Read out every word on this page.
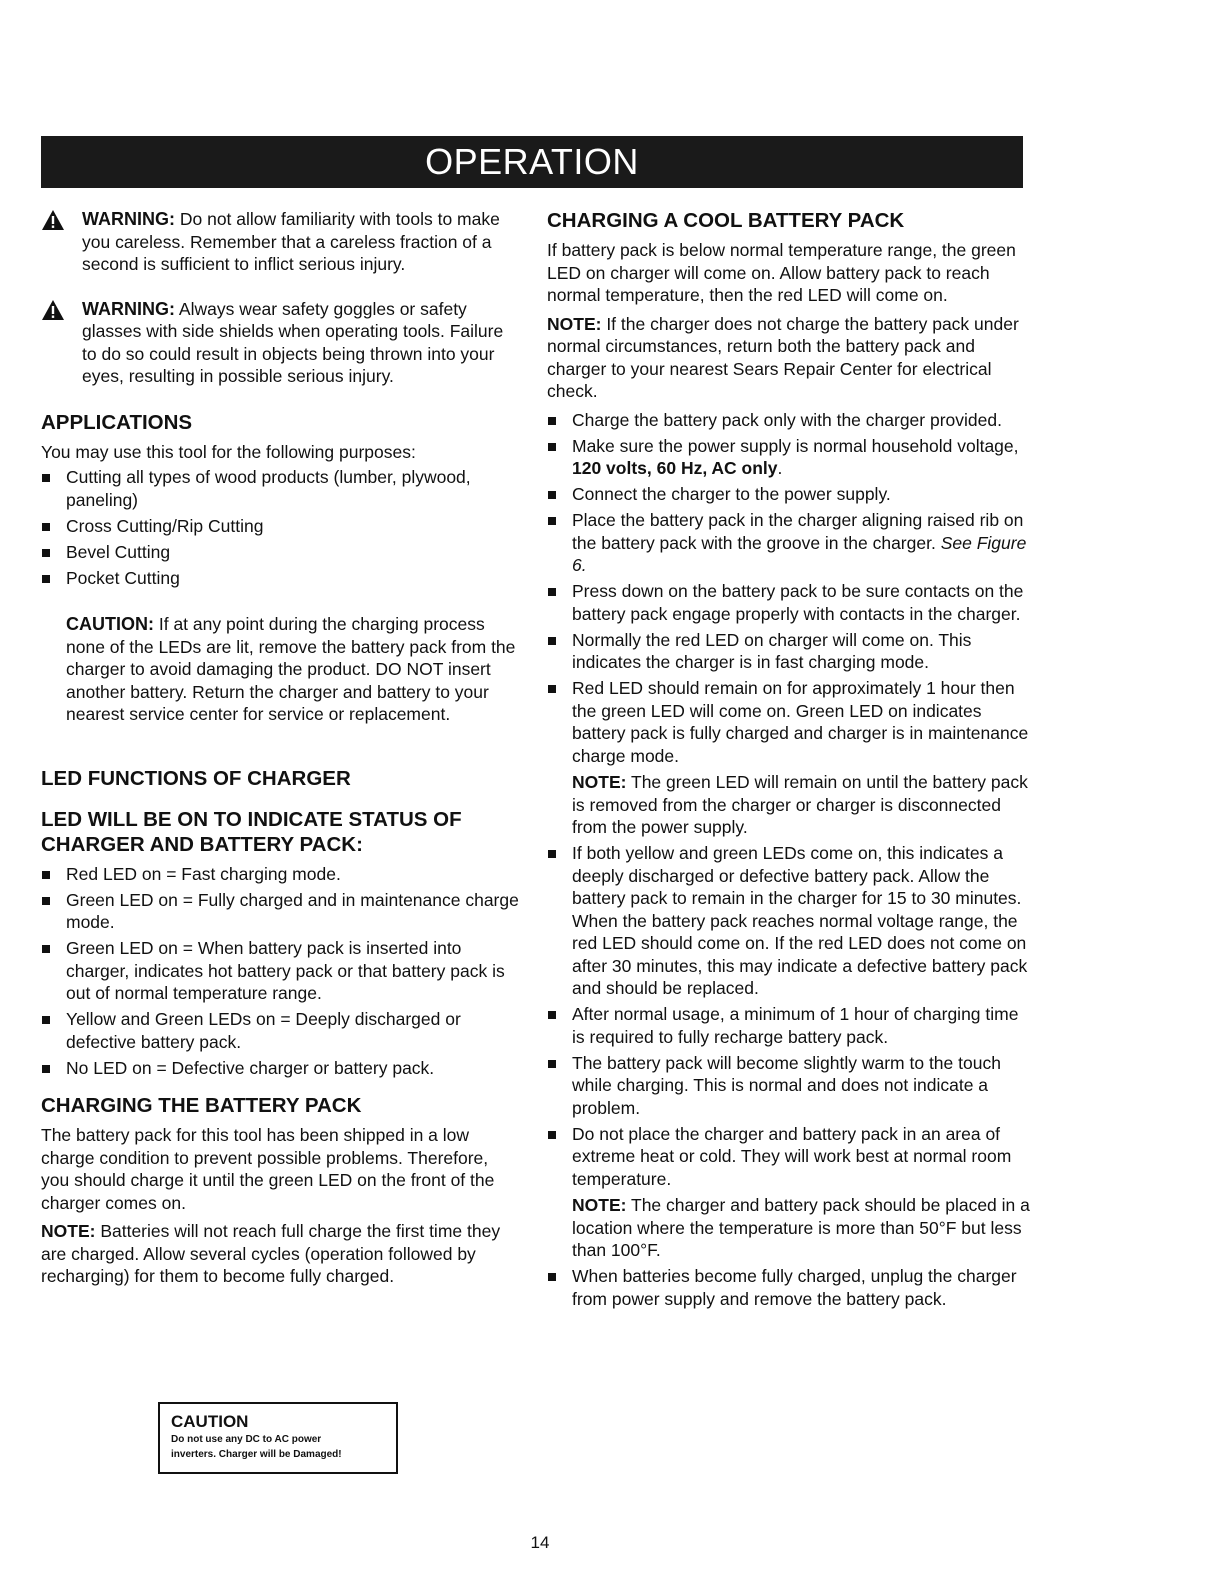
OPERATION
WARNING: Do not allow familiarity with tools to make you careless. Remember that a careless fraction of a second is sufficient to inflict serious injury.
WARNING: Always wear safety goggles or safety glasses with side shields when operating tools. Failure to do so could result in objects being thrown into your eyes, resulting in possible serious injury.
APPLICATIONS

You may use this tool for the following purposes:

Cutting all types of wood products (lumber, plywood, paneling)
Cross Cutting/Rip Cutting
Bevel Cutting
Pocket Cutting

CAUTION: If at any point during the charging process none of the LEDs are lit, remove the battery pack from the charger to avoid damaging the product. DO NOT insert another battery. Return the charger and battery to your nearest service center for service or replacement.

LED FUNCTIONS OF CHARGER
LED WILL BE ON TO INDICATE STATUS OF CHARGER AND BATTERY PACK:
Red LED on = Fast charging mode.
Green LED on = Fully charged and in maintenance charge mode.
Green LED on = When battery pack is inserted into charger, indicates hot battery pack or that battery pack is out of normal temperature range.
Yellow and Green LEDs on = Deeply discharged or defective battery pack.
No LED on = Defective charger or battery pack.
CHARGING THE BATTERY PACK

The battery pack for this tool has been shipped in a low charge condition to prevent possible problems. Therefore, you should charge it until the green LED on the front of the charger comes on.

NOTE: Batteries will not reach full charge the first time they are charged. Allow several cycles (operation followed by recharging) for them to become fully charged.

CAUTION
Do not use any DC to AC power
inverters. Charger will be Damaged!
CHARGING A COOL BATTERY PACK

If battery pack is below normal temperature range, the green LED on charger will come on. Allow battery pack to reach normal temperature, then the red LED will come on.

NOTE: If the charger does not charge the battery pack under normal circumstances, return both the battery pack and charger to your nearest Sears Repair Center for electrical check.

Charge the battery pack only with the charger provided.
Make sure the power supply is normal household voltage, 120 volts, 60 Hz, AC only.
Connect the charger to the power supply.
Place the battery pack in the charger aligning raised rib on the battery pack with the groove in the charger. See Figure 6.
Press down on the battery pack to be sure contacts on the battery pack engage properly with contacts in the charger.
Normally the red LED on charger will come on. This indicates the charger is in fast charging mode.
Red LED should remain on for approximately 1 hour then the green LED will come on. Green LED on indicates battery pack is fully charged and charger is in maintenance charge mode.
NOTE: The green LED will remain on until the battery pack is removed from the charger or charger is disconnected from the power supply.
If both yellow and green LEDs come on, this indicates a deeply discharged or defective battery pack. Allow the battery pack to remain in the charger for 15 to 30 minutes. When the battery pack reaches normal voltage range, the red LED should come on. If the red LED does not come on after 30 minutes, this may indicate a defective battery pack and should be replaced.
After normal usage, a minimum of 1 hour of charging time is required to fully recharge battery pack.
The battery pack will become slightly warm to the touch while charging. This is normal and does not indicate a problem.
Do not place the charger and battery pack in an area of extreme heat or cold. They will work best at normal room temperature.
NOTE: The charger and battery pack should be placed in a location where the temperature is more than 50°F but less than 100°F.
When batteries become fully charged, unplug the charger from power supply and remove the battery pack.
14
